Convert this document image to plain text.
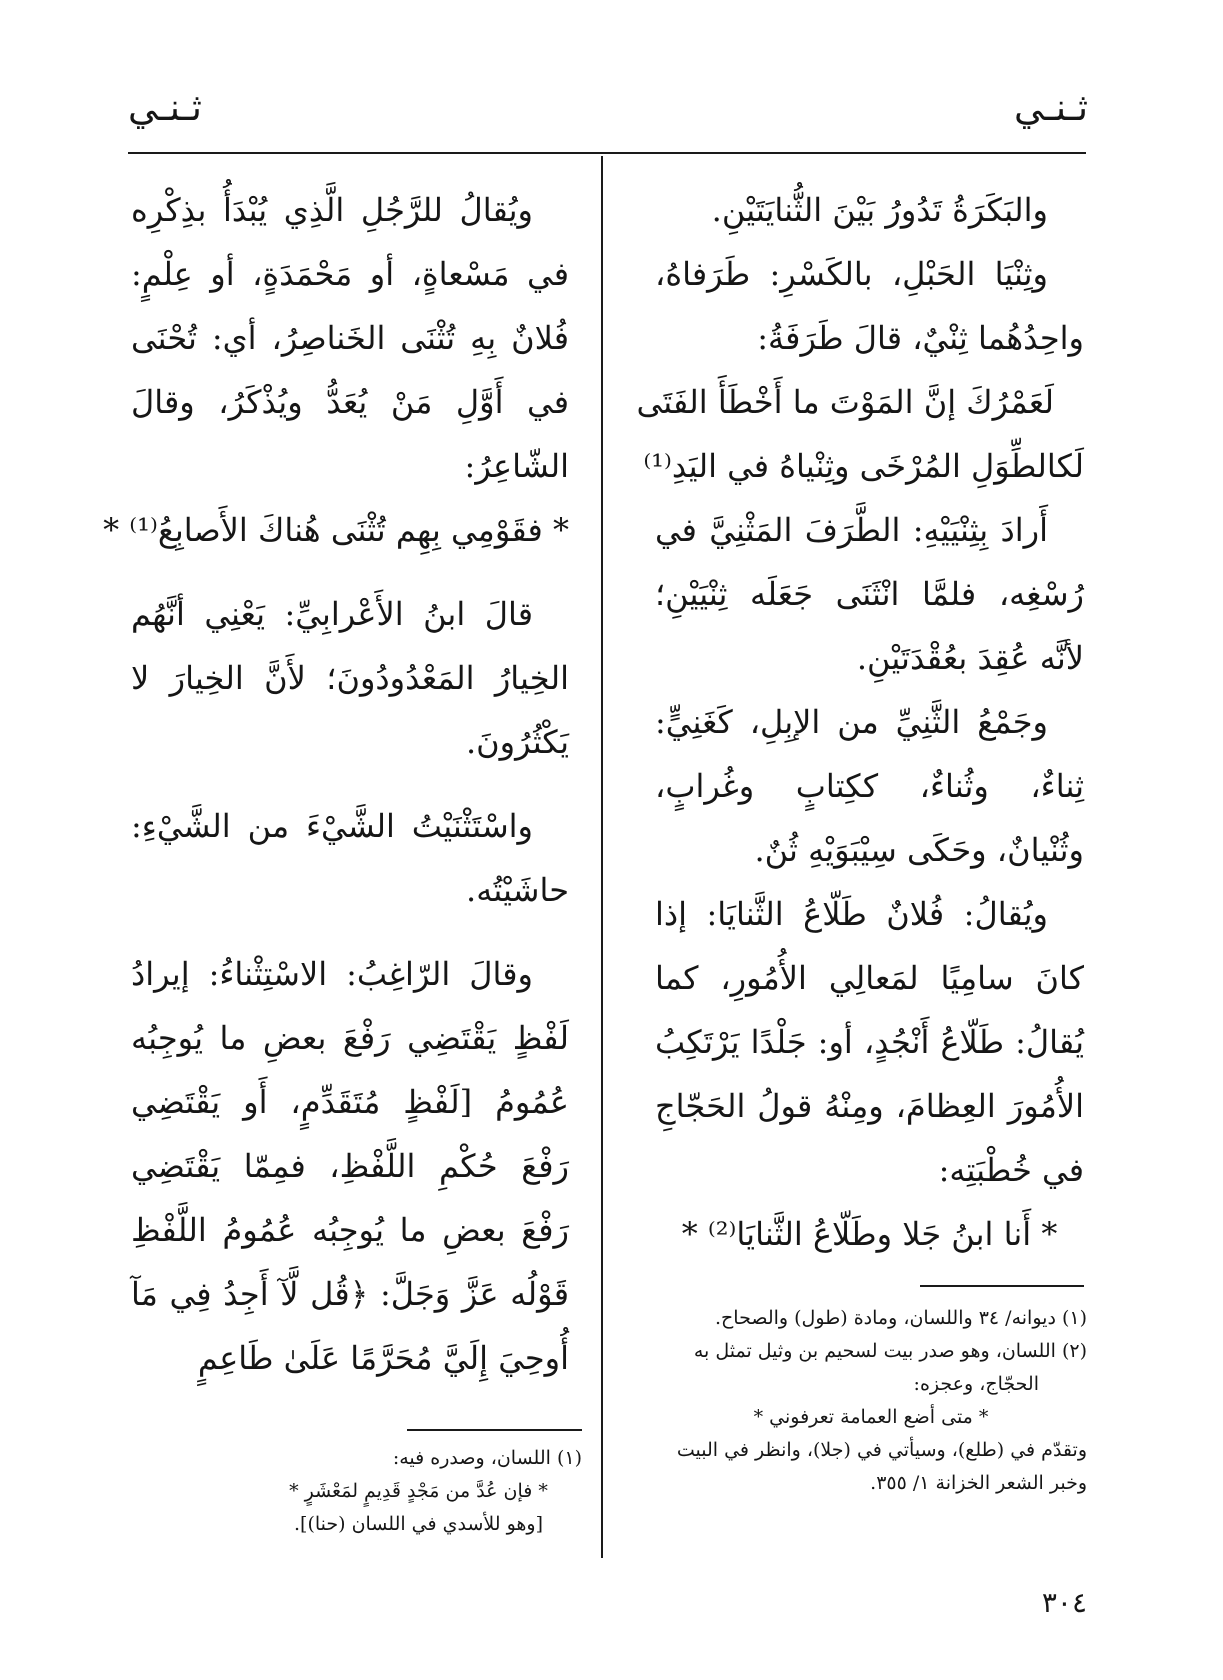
ثـنـي
ثـنـي

والبَكَرَةُ تَدُورُ بَيْنَ الثُّنايَتَيْنِ.

وثِنْيَا الحَبْلِ، بالكَسْرِ: طَرَفاهُ، واحِدُهُما ثِنْيٌ، قالَ طَرَفَةُ:

لَعَمْرُكَ إنَّ المَوْتَ ما أَخْطَأَ الفَتَى

لَكالطِّوَلِ المُرْخَى وثِنْياهُ في اليَدِ⁽¹⁾

أَرادَ بِثِنْيَيْهِ: الطَّرَفَ المَثْنِيَّ في رُسْغِه، فلمَّا انْثَنَى جَعَلَه ثِنْيَيْنِ؛ لأنَّه عُقِدَ بعُقْدَتَيْنِ.

وجَمْعُ الثَّنِيِّ من الإبِلِ، كَغَنِيٍّ: ثِناءٌ، وثُناءٌ، ككِتابٍ وغُرابٍ، وثُنْيانٌ، وحَكَى سِيْبَوَيْهِ ثُنٌ.

ويُقالُ: فُلانٌ طَلّاعُ الثَّنايَا: إذا كانَ سامِيًا لمَعالِي الأُمُورِ، كما يُقالُ: طَلّاعُ أَنْجُدٍ، أو: جَلْدًا يَرْتَكِبُ الأُمُورَ العِظامَ، ومِنْهُ قولُ الحَجّاجِ في خُطْبَتِه:

* أَنا ابنُ جَلا وطَلّاعُ الثَّنايَا⁽²⁾ *

ويُقالُ للرَّجُلِ الَّذِي يُبْدَأُ بذِكْرِه في مَسْعاةٍ، أو مَحْمَدَةٍ، أو عِلْمٍ: فُلانٌ بِهِ تُثْنَى الخَناصِرُ، أي: تُحْنَى في أَوَّلِ مَنْ يُعَدُّ ويُذْكَرُ، وقالَ الشّاعِرُ:

* فقَوْمِي بِهِم تُثْنَى هُناكَ الأَصابِعُ⁽¹⁾ *

قالَ ابنُ الأَعْرابِيِّ: يَعْنِي أنَّهُم الخِيارُ المَعْدُودُونَ؛ لأَنَّ الخِيارَ لا يَكْثُرُونَ.

واسْتَثْنَيْتُ الشَّيْءَ من الشَّيْءِ: حاشَيْتُه.

وقالَ الرّاغِبُ: الاسْتِثْناءُ: إيرادُ لَفْظٍ يَقْتَضِي رَفْعَ بعضِ ما يُوجِبُه عُمُومُ [لَفْظٍ مُتَقَدِّمٍ، أَو يَقْتَضِي رَفْعَ حُكْمِ اللَّفْظِ، فمِمّا يَقْتَضِي رَفْعَ بعضِ ما يُوجِبُه عُمُومُ اللَّفْظِ قَوْلُه عَزَّ وَجَلَّ: ﴿قُل لَّآ أَجِدُ فِي مَآ أُوحِيَ إِلَيَّ مُحَرَّمًا عَلَىٰ طَاعِمٍ

(١) ديوانه/ ٣٤ واللسان، ومادة (طول) والصحاح.

(٢) اللسان، وهو صدر بيت لسحيم بن وثيل تمثل به

الحجّاج، وعجزه:

* متى أضع العمامة تعرفوني *

وتقدّم في (طلع)، وسيأتي في (جلا)، وانظر في البيت وخبر الشعر الخزانة ١/ ٣٥٥.

(١) اللسان، وصدره فيه:

* فإن عُدَّ من مَجْدٍ قَدِيمٍ لمَعْشَرٍ *

[وهو للأسدي في اللسان (حنا)].

٣٠٤
